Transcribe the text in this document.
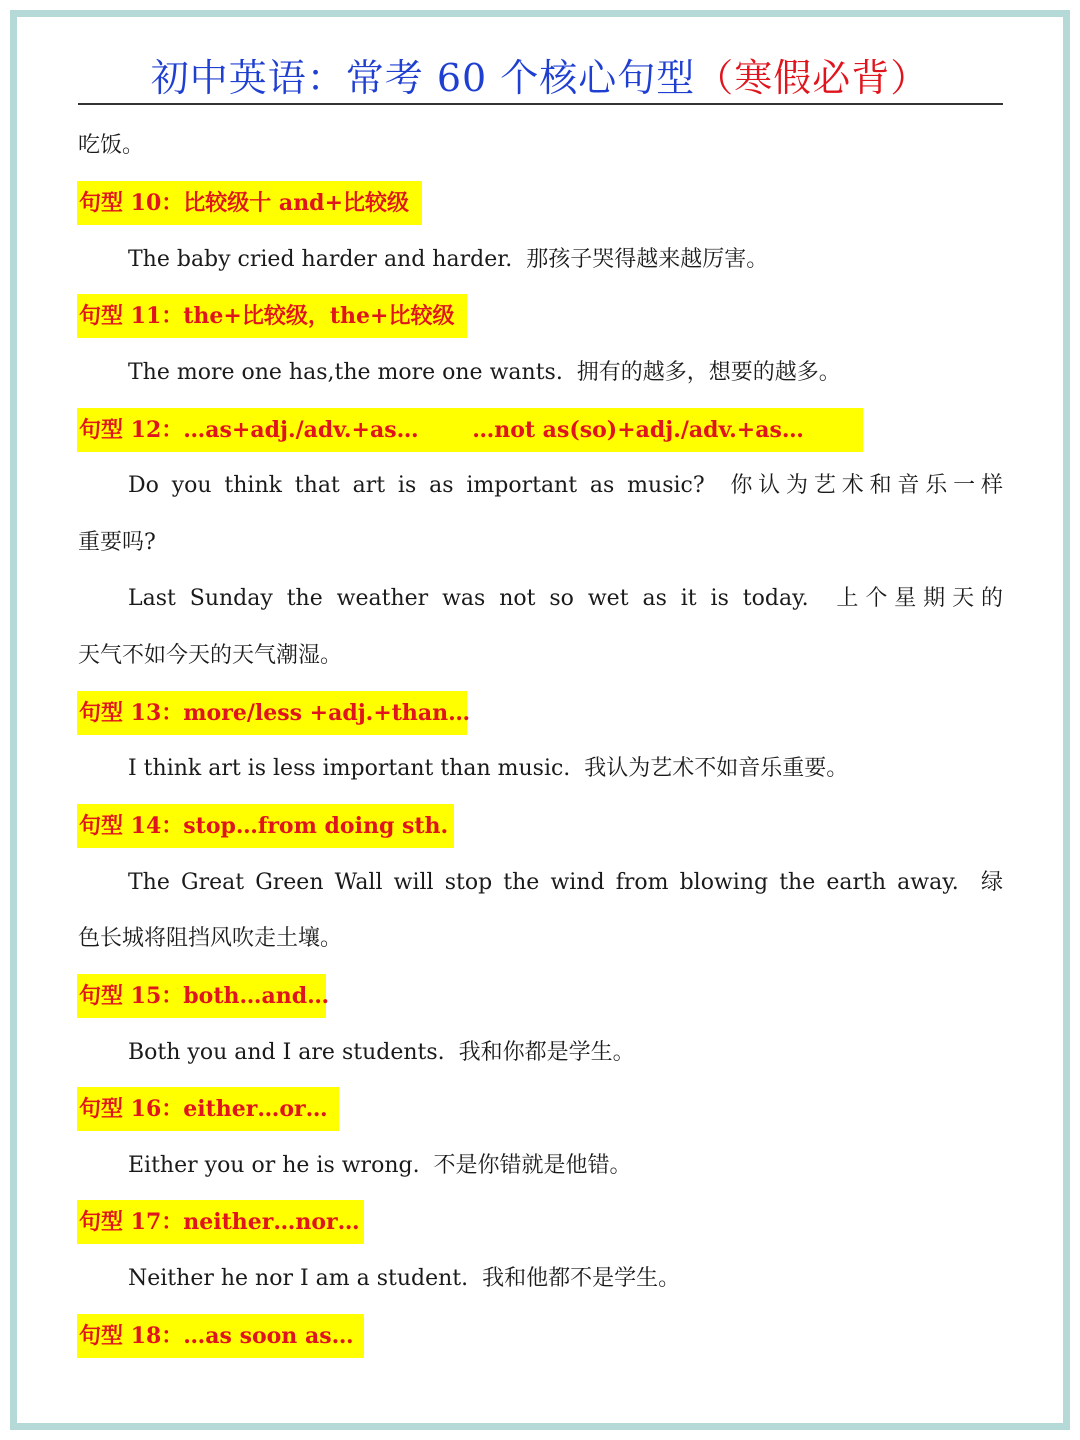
初中英语：常考 60 个核心句型（寒假必背）
吃饭。
句型 10：比较级十 and+比较级
The baby cried harder and harder.  那孩子哭得越来越厉害。
句型 11：the+比较级，the+比较级
The more one has,the more one wants.  拥有的越多，想要的越多。
句型 12：…as+adj./adv.+as…       …not as(so)+adj./adv.+as…
Do you think that art is as important as music?  你认为艺术和音乐一样
重要吗?
Last Sunday the weather was not so wet as it is today.  上个星期天的
天气不如今天的天气潮湿。
句型 13：more/less +adj.+than…
I think art is less important than music.  我认为艺术不如音乐重要。
句型 14：stop…from doing sth.
The Great Green Wall will stop the wind from blowing the earth away.  绿
色长城将阻挡风吹走土壤。
句型 15：both…and…
Both you and I are students.  我和你都是学生。
句型 16：either…or…
Either you or he is wrong.  不是你错就是他错。
句型 17：neither…nor…
Neither he nor I am a student.  我和他都不是学生。
句型 18：…as soon as…
